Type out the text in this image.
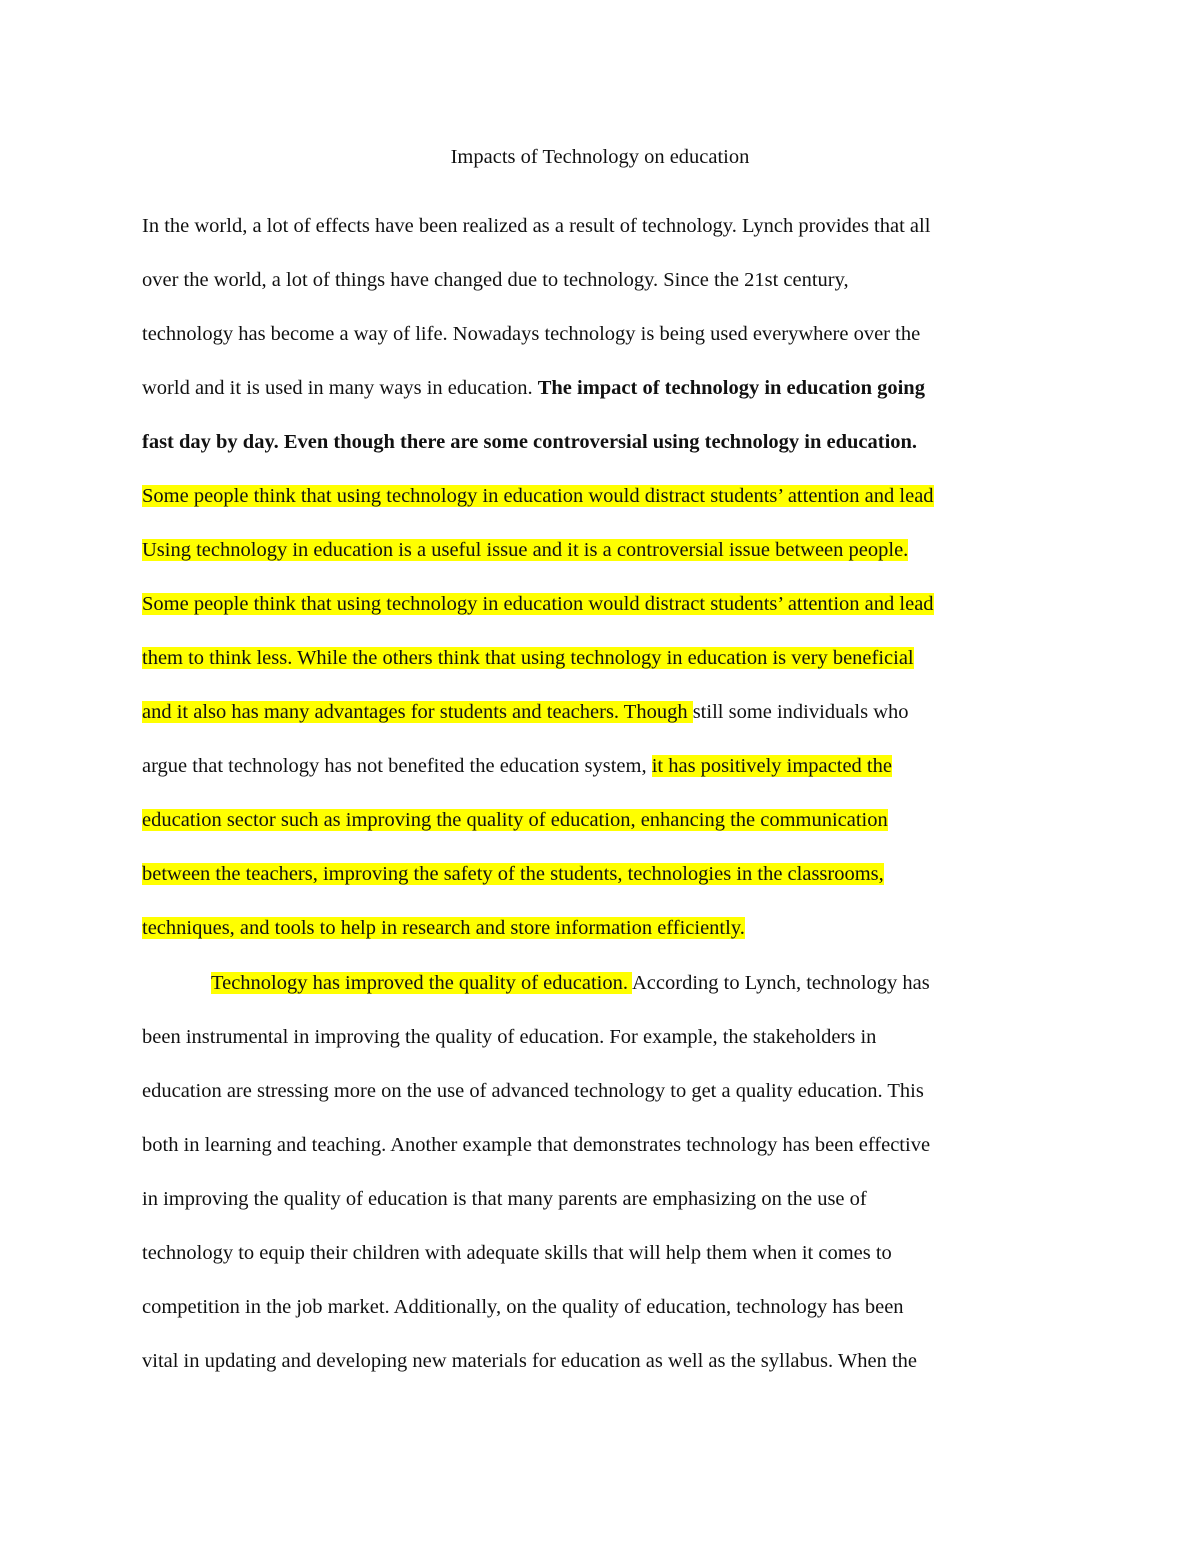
Impacts of Technology on education
In the world, a lot of effects have been realized as a result of technology. Lynch provides that all
over the world, a lot of things have changed due to technology. Since the 21st century,
technology has become a way of life. Nowadays technology is being used everywhere over the
world and it is used in many ways in education. The impact of technology in education going
fast day by day. Even though there are some controversial using technology in education.
Some people think that using technology in education would distract students’ attention and lead
Using technology in education is a useful issue and it is a controversial issue between people.
Some people think that using technology in education would distract students’ attention and lead
them to think less. While the others think that using technology in education is very beneficial
and it also has many advantages for students and teachers. Though still some individuals who
argue that technology has not benefited the education system, it has positively impacted the
education sector such as improving the quality of education, enhancing the communication
between the teachers, improving the safety of the students, technologies in the classrooms,
techniques, and tools to help in research and store information efficiently.
Technology has improved the quality of education. According to Lynch, technology has
been instrumental in improving the quality of education. For example, the stakeholders in
education are stressing more on the use of advanced technology to get a quality education. This
both in learning and teaching. Another example that demonstrates technology has been effective
in improving the quality of education is that many parents are emphasizing on the use of
technology to equip their children with adequate skills that will help them when it comes to
competition in the job market. Additionally, on the quality of education, technology has been
vital in updating and developing new materials for education as well as the syllabus. When the
